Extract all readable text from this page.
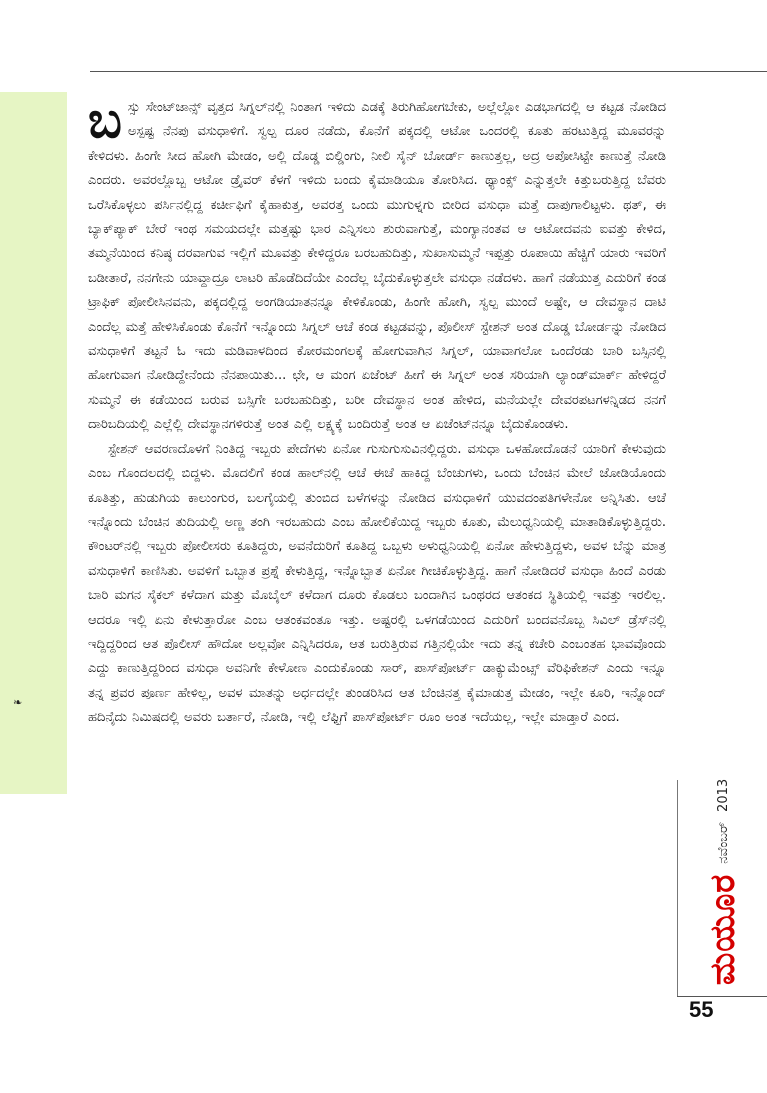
❧

ಬಸ್ಸು ಸೇಂಟ್‌ಜಾನ್ಸ್ ವೃತ್ತದ ಸಿಗ್ನಲ್‌ನಲ್ಲಿ ನಿಂತಾಗ ಇಳಿದು ಎಡಕ್ಕೆ ತಿರುಗಿಹೋಗಬೇಕು, ಅಲ್ಲೆಲ್ಲೋ ಎಡಭಾಗದಲ್ಲಿ ಆ ಕಟ್ಟಡ ನೋಡಿದ ಅಸ್ಪಷ್ಟ ನೆನಪು ವಸುಧಾಳಿಗೆ. ಸ್ವಲ್ಪ ದೂರ ನಡೆದು, ಕೊನೆಗೆ ಪಕ್ಕದಲ್ಲಿ ಆಟೋ ಒಂದರಲ್ಲಿ ಕೂತು ಹರಟುತ್ತಿದ್ದ ಮೂವರನ್ನು ಕೇಳಿದಳು. ಹಿಂಗೇ ಸೀದ ಹೋಗಿ ಮೇಡಂ, ಅಲ್ಲಿ ದೊಡ್ಡ ಬಿಲ್ಡಿಂಗು, ನೀಲಿ ಸೈನ್ ಬೋರ್ಡ್ ಕಾಣುತ್ತಲ್ಲ, ಅದ್ರ ಅಪೋಸಿಟ್ಟೇ ಕಾಣುತ್ತೆ ನೋಡಿ ಎಂದರು. ಅವರಲ್ಲೊಬ್ಬ ಆಟೋ ಡ್ರೈವರ್ ಕೆಳಗೆ ಇಳಿದು ಬಂದು ಕೈಮಾಡಿಯೂ ತೋರಿಸಿದ. ಥ್ಯಾಂಕ್ಸ್ ಎನ್ನುತ್ತಲೇ ಕಿತ್ತುಬರುತ್ತಿದ್ದ ಬೆವರು ಒರೆಸಿಕೊಳ್ಳಲು ಪರ್ಸಿನಲ್ಲಿದ್ದ ಕರ್ಚೀಫಿಗೆ ಕೈಹಾಕುತ್ತ, ಅವರತ್ತ ಒಂದು ಮುಗುಳ್ನಗು ಬೀರಿದ ವಸುಧಾ ಮತ್ತೆ ದಾಪುಗಾಲಿಟ್ಟಳು. ಥತ್, ಈ ಬ್ಯಾಕ್‌ಪ್ಯಾಕ್ ಬೇರೆ ಇಂಥ ಸಮಯದಲ್ಲೇ ಮತ್ತಷ್ಟು ಭಾರ ಎನ್ನಿಸಲು ಶುರುವಾಗುತ್ತೆ, ಮಂಗ್ಯಾನಂತವ ಆ ಆಟೋದವನು ಐವತ್ತು ಕೇಳಿದ, ತಮ್ಮನೆಯಿಂದ ಕನಿಷ್ಠ ದರವಾಗುವ ಇಲ್ಲಿಗೆ ಮೂವತ್ತು ಕೇಳಿದ್ದರೂ ಬರಬಹುದಿತ್ತು, ಸುಖಾಸುಮ್ಮನೆ ಇಪ್ಪತ್ತು ರೂಪಾಯಿ ಹೆಚ್ಚಿಗೆ ಯಾರು ಇವರಿಗೆ ಬಡೀತಾರೆ, ನನಗೇನು ಯಾವ್ದಾದ್ರೂ ಲಾಟರಿ ಹೊಡೆದಿದೆಯೇ ಎಂದೆಲ್ಲ ಬೈದುಕೊಳ್ಳುತ್ತಲೇ ವಸುಧಾ ನಡೆದಳು. ಹಾಗೆ ನಡೆಯುತ್ತ ಎದುರಿಗೆ ಕಂಡ ಟ್ರಾಫಿಕ್ ಪೋಲೀಸಿನವನು, ಪಕ್ಕದಲ್ಲಿದ್ದ ಅಂಗಡಿಯಾತನನ್ನೂ ಕೇಳಿಕೊಂಡು, ಹಿಂಗೇ ಹೋಗಿ, ಸ್ವಲ್ಪ ಮುಂದೆ ಅಷ್ಟೇ, ಆ ದೇವಸ್ಥಾನ ದಾಟಿ ಎಂದೆಲ್ಲ ಮತ್ತೆ ಹೇಳಿಸಿಕೊಂಡು ಕೊನೆಗೆ ಇನ್ನೊಂದು ಸಿಗ್ನಲ್ ಆಚೆ ಕಂಡ ಕಟ್ಟಡವನ್ನು, ಪೊಲೀಸ್ ಸ್ಟೇಶನ್ ಅಂತ ದೊಡ್ಡ ಬೋರ್ಡನ್ನು ನೋಡಿದ ವಸುಧಾಳಿಗೆ ತಟ್ಟನೆ ಓ ಇದು ಮಡಿವಾಳದಿಂದ ಕೋರಮಂಗಲಕ್ಕೆ ಹೋಗುವಾಗಿನ ಸಿಗ್ನಲ್, ಯಾವಾಗಲೋ ಒಂದೆರಡು ಬಾರಿ ಬಸ್ಸಿನಲ್ಲಿ ಹೋಗುವಾಗ ನೋಡಿದ್ದೇನೆಂದು ನೆನಪಾಯಿತು... ಛೇ, ಆ ಮಂಗ ಏಜೆಂಟ್ ಹೀಗೆ ಈ ಸಿಗ್ನಲ್ ಅಂತ ಸರಿಯಾಗಿ ಲ್ಯಾಂಡ್‌ಮಾರ್ಕ್ ಹೇಳಿದ್ದರೆ ಸುಮ್ಮನೆ ಈ ಕಡೆಯಿಂದ ಬರುವ ಬಸ್ಸಿಗೇ ಬರಬಹುದಿತ್ತು, ಬರೀ ದೇವಸ್ಥಾನ ಅಂತ ಹೇಳಿದ, ಮನೆಯಲ್ಲೇ ದೇವರಪಟಗಳನ್ನಿಡದ ನನಗೆ ದಾರಿಬದಿಯಲ್ಲಿ ಎಲ್ಲೆಲ್ಲಿ ದೇವಸ್ಥಾನಗಳಿರುತ್ತೆ ಅಂತ ಎಲ್ಲಿ ಲಕ್ಷ್ಯಕ್ಕೆ ಬಂದಿರುತ್ತೆ ಅಂತ ಆ ಏಜೆಂಟ್‌ನನ್ನೂ ಬೈದುಕೊಂಡಳು.

ಸ್ಟೇಶನ್ ಆವರಣದೊಳಗೆ ನಿಂತಿದ್ದ ಇಬ್ಬರು ಪೇದೆಗಳು ಏನೋ ಗುಸುಗುಸುವಿನಲ್ಲಿದ್ದರು. ವಸುಧಾ ಒಳಹೋದೊಡನೆ ಯಾರಿಗೆ ಕೇಳುವುದು ಎಂಬ ಗೊಂದಲದಲ್ಲಿ ಬಿದ್ದಳು. ಮೊದಲಿಗೆ ಕಂಡ ಹಾಲ್‌ನಲ್ಲಿ ಆಚೆ ಈಚೆ ಹಾಕಿದ್ದ ಬೆಂಚುಗಳು, ಒಂದು ಬೆಂಚಿನ ಮೇಲೆ ಜೋಡಿಯೊಂದು ಕೂತಿತ್ತು, ಹುಡುಗಿಯ ಕಾಲುಂಗುರ, ಬಲಗೈಯಲ್ಲಿ ತುಂಬಿದ ಬಳೆಗಳನ್ನು ನೋಡಿದ ವಸುಧಾಳಿಗೆ ಯುವದಂಪತಿಗಳೇನೋ ಅನ್ನಿಸಿತು. ಆಚೆ ಇನ್ನೊಂದು ಬೆಂಚಿನ ತುದಿಯಲ್ಲಿ ಅಣ್ಣ ತಂಗಿ ಇರಬಹುದು ಎಂಬ ಹೋಲಿಕೆಯಿದ್ದ ಇಬ್ಬರು ಕೂತು, ಮೆಲುಧ್ವನಿಯಲ್ಲಿ ಮಾತಾಡಿಕೊಳ್ಳುತ್ತಿದ್ದರು. ಕೌಂಟರ್‌ನಲ್ಲಿ ಇಬ್ಬರು ಪೋಲೀಸರು ಕೂತಿದ್ದರು, ಅವನೆದುರಿಗೆ ಕೂತಿದ್ದ ಒಬ್ಬಳು ಅಳುಧ್ವನಿಯಲ್ಲಿ ಏನೋ ಹೇಳುತ್ತಿದ್ದಳು, ಅವಳ ಬೆನ್ನು ಮಾತ್ರ ವಸುಧಾಳಿಗೆ ಕಾಣಿಸಿತು. ಅವಳಿಗೆ ಒಬ್ಬಾತ ಪ್ರಶ್ನೆ ಕೇಳುತ್ತಿದ್ದ, ಇನ್ನೊಬ್ಬಾತ ಏನೋ ಗೀಚಿಕೊಳ್ಳುತ್ತಿದ್ದ. ಹಾಗೆ ನೋಡಿದರೆ ವಸುಧಾ ಹಿಂದೆ ಎರಡು ಬಾರಿ ಮಗನ ಸೈಕಲ್ ಕಳೆದಾಗ ಮತ್ತು ಮೊಬೈಲ್ ಕಳೆದಾಗ ದೂರು ಕೊಡಲು ಬಂದಾಗಿನ ಒಂಥರದ ಆತಂಕದ ಸ್ಥಿತಿಯಲ್ಲಿ ಇವತ್ತು ಇರಲಿಲ್ಲ. ಆದರೂ ಇಲ್ಲಿ ಏನು ಕೇಳುತ್ತಾರೋ ಎಂಬ ಆತಂಕವಂತೂ ಇತ್ತು. ಅಷ್ಟರಲ್ಲಿ ಒಳಗಡೆಯಿಂದ ಎದುರಿಗೆ ಬಂದವನೊಬ್ಬ ಸಿವಿಲ್ ಡ್ರೆಸ್‌ನಲ್ಲಿ ಇದ್ದಿದ್ದರಿಂದ ಆತ ಪೊಲೀಸ್ ಹೌದೋ ಅಲ್ಲವೋ ಎನ್ನಿಸಿದರೂ, ಆತ ಬರುತ್ತಿರುವ ಗತ್ತಿನಲ್ಲಿಯೇ ಇದು ತನ್ನ ಕಚೇರಿ ಎಂಬಂತಹ ಭಾವವೊಂದು ಎದ್ದು ಕಾಣುತ್ತಿದ್ದರಿಂದ ವಸುಧಾ ಅವನಿಗೇ ಕೇಳೋಣ ಎಂದುಕೊಂಡು ಸಾರ್, ಪಾಸ್‌ಪೋರ್ಟ್ ಡಾಕ್ಯುಮೆಂಟ್ಸ್ ವೆರಿಫಿಕೇಶನ್ ಎಂದು ಇನ್ನೂ ತನ್ನ ಪ್ರವರ ಪೂರ್ಣ ಹೇಳಿಲ್ಲ, ಅವಳ ಮಾತನ್ನು ಅರ್ಧದಲ್ಲೇ ತುಂಡರಿಸಿದ ಆತ ಬೆಂಚಿನತ್ತ ಕೈಮಾಡುತ್ತ ಮೇಡಂ, ಇಲ್ಲೇ ಕೂರಿ, ಇನ್ನೊಂದ್ ಹದಿನೈದು ನಿಮಿಷದಲ್ಲಿ ಅವರು ಬರ್ತಾರೆ, ನೋಡಿ, ಇಲ್ಲಿ ಲೆಫ್ಟಿಗೆ ಪಾಸ್‌ಪೋರ್ಟ್ ರೂಂ ಅಂತ ಇದೆಯಲ್ಲ, ಇಲ್ಲೇ ಮಾಡ್ತಾರೆ ಎಂದ.

ಮಯೂರ
ನವೆಂಬರ್
2013
55
